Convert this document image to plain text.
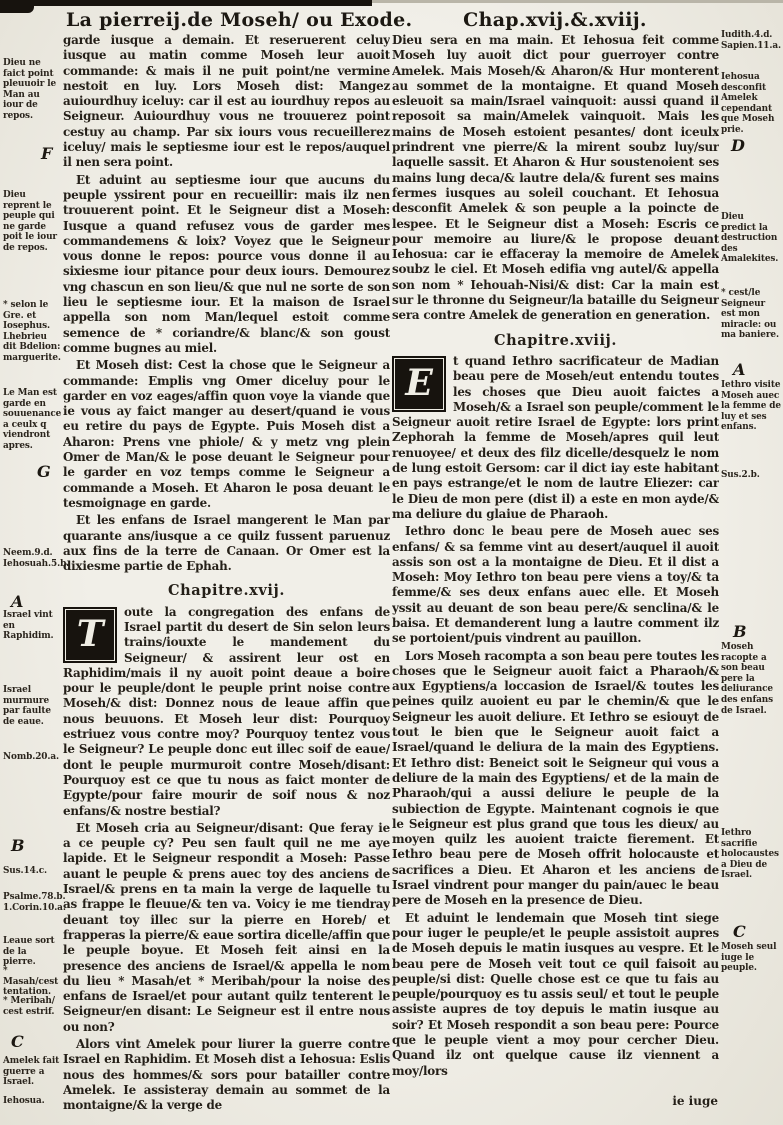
La pierre ij. de Moseh/ ou Exode.	Chap.xvij.&.xviij.
Dieu ne faict point pleuuoir le Man au iour de repos.
F
Dieu reprent le peuple qui ne garde poit le iour de repos.
* selon le Gre. et Iosephus. Lhebrieu dit Bdelion: marguerite.
Le Man est garde en souuenance a ceulx q viendront apres.
G
Neem.9.d. Iehosuah.5.b.
A
Israel vint en Raphidim.
Israel murmure par faulte de eaue.
Nomb.20.a.
B
Sus.14.c.
Psalme.78.b. 1.Corin.10.a.
Leaue sort de la pierre.
* Masah/cest tentation.
* Meribah/ cest estrif.
C
Amelek fait guerre a Israel.
Iehosua.

garde iusque a demain. Et reseruerent celuy iusque au matin comme Moseh leur auoit commande: & mais il ne puit point/ne vermine nestoit en luy. Lors Moseh dist: Mangez auiourdhuy iceluy: car il est au iourdhuy repos au Seigneur. Auiourdhuy vous ne trouuerez point cestuy au champ. Par six iours vous recueillerez iceluy/ mais le septiesme iour est le repos/auquel il nen sera point.

Et aduint au septiesme iour que aucuns du peuple yssirent pour en recueillir: mais ilz nen trouuerent point. Et le Seigneur dist a Moseh: Iusque a quand refusez vous de garder mes commandemens & loix? Voyez que le Seigneur vous donne le repos: pource vous donne il au sixiesme iour pitance pour deux iours. Demourez vng chascun en son lieu/& que nul ne sorte de son lieu le septiesme iour. Et la maison de Israel appella son nom Man/lequel estoit comme semence de * coriandre/& blanc/& son goust comme bugnes au miel.

Et Moseh dist: Cest la chose que le Seigneur a commande: Emplis vng Omer diceluy pour le garder en voz eages/affin quon voye la viande que ie vous ay faict manger au desert/quand ie vous eu retire du pays de Egypte. Puis Moseh dist a Aharon: Prens vne phiole/ & y metz vng plein Omer de Man/& le pose deuant le Seigneur pour le garder en voz temps comme le Seigneur a commande a Moseh. Et Aharon le posa deuant le tesmoignage en garde.

Et les enfans de Israel mangerent le Man par quarante ans/iusque a ce quilz fussent paruenuz aux fins de la terre de Canaan. Or Omer est la dixiesme partie de Ephah.

Chapitre.xvij.

T
oute la congregation des enfans de Israel partit du desert de Sin selon leurs trains/iouxte le mandement du Seigneur/ & assirent leur ost en Raphidim/mais il ny auoit point deaue a boire pour le peuple/dont le peuple print noise contre Moseh/& dist: Donnez nous de leaue affin que nous beuuons. Et Moseh leur dist: Pourquoy estriuez vous contre moy? Pourquoy tentez vous le Seigneur? Le peuple donc eut illec soif de eaue/ dont le peuple murmuroit contre Moseh/disant: Pourquoy est ce que tu nous as faict monter de Egypte/pour faire mourir de soif nous & noz enfans/& nostre bestial?

Et Moseh cria au Seigneur/disant: Que feray ie a ce peuple cy? Peu sen fault quil ne me aye lapide. Et le Seigneur respondit a Moseh: Passe auant le peuple & prens auec toy des anciens de Israel/& prens en ta main la verge de laquelle tu as frappe le fleuue/& ten va. Voicy ie me tiendray deuant toy illec sur la pierre en Horeb/ et frapperas la pierre/& eaue sortira dicelle/affin que le peuple boyue. Et Moseh feit ainsi en la presence des anciens de Israel/& appella le nom du lieu * Masah/et * Meribah/pour la noise des enfans de Israel/et pour autant quilz tenterent le Seigneur/en disant: Le Seigneur est il entre nous ou non?

Alors vint Amelek pour liurer la guerre contre Israel en Raphidim. Et Moseh dist a Iehosua: Eslis nous des hommes/& sors pour batailler contre Amelek. Ie assisteray demain au sommet de la montaigne/& la verge de

Dieu sera en ma main. Et Iehosua feit comme Moseh luy auoit dict pour guerroyer contre Amelek. Mais Moseh/& Aharon/& Hur monterent au sommet de la montaigne. Et quand Moseh esleuoit sa main/Israel vainquoit: aussi quand il reposoit sa main/Amelek vainquoit. Mais les mains de Moseh estoient pesantes/ dont iceulx prindrent vne pierre/& la mirent soubz luy/sur laquelle sassit. Et Aharon & Hur soustenoient ses mains lung deca/& lautre dela/& furent ses mains fermes iusques au soleil couchant. Et Iehosua desconfit Amelek & son peuple a la poincte de lespee. Et le Seigneur dist a Moseh: Escris ce pour memoire au liure/& le propose deuant Iehosua: car ie effaceray la memoire de Amelek soubz le ciel. Et Moseh edifia vng autel/& appella son nom * Iehouah-Nisi/& dist: Car la main est sur le thronne du Seigneur/la bataille du Seigneur sera contre Amelek de generation en generation.

Chapitre.xviij.

E
t quand Iethro sacrificateur de Madian beau pere de Moseh/eut entendu toutes les choses que Dieu auoit faictes a Moseh/& a Israel son peuple/comment le Seigneur auoit retire Israel de Egypte: lors print Zephorah la femme de Moseh/apres quil leut renuoyee/ et deux des filz dicelle/desquelz le nom de lung estoit Gersom: car il dict iay este habitant en pays estrange/et le nom de lautre Eliezer: car le Dieu de mon pere (dist il) a este en mon ayde/& ma deliure du glaiue de Pharaoh.

Iethro donc le beau pere de Moseh auec ses enfans/ & sa femme vint au desert/auquel il auoit assis son ost a la montaigne de Dieu. Et il dist a Moseh: Moy Iethro ton beau pere viens a toy/& ta femme/& ses deux enfans auec elle. Et Moseh yssit au deuant de son beau pere/& senclina/& le baisa. Et demanderent lung a lautre comment ilz se portoient/puis vindrent au pauillon.

Lors Moseh racompta a son beau pere toutes les choses que le Seigneur auoit faict a Pharaoh/& aux Egyptiens/a loccasion de Israel/& toutes les peines quilz auoient eu par le chemin/& que le Seigneur les auoit deliure. Et Iethro se esiouyt de tout le bien que le Seigneur auoit faict a Israel/quand le deliura de la main des Egyptiens. Et Iethro dist: Beneict soit le Seigneur qui vous a deliure de la main des Egyptiens/ et de la main de Pharaoh/qui a aussi deliure le peuple de la subiection de Egypte. Maintenant cognois ie que le Seigneur est plus grand que tous les dieux/ au moyen quilz les auoient traicte fierement. Et Iethro beau pere de Moseh offrit holocauste et sacrifices a Dieu. Et Aharon et les anciens de Israel vindrent pour manger du pain/auec le beau pere de Moseh en la presence de Dieu.

Et aduint le lendemain que Moseh tint siege pour iuger le peuple/et le peuple assistoit aupres de Moseh depuis le matin iusques au vespre. Et le beau pere de Moseh veit tout ce quil faisoit au peuple/si dist: Quelle chose est ce que tu fais au peuple/pourquoy es tu assis seul/ et tout le peuple assiste aupres de toy depuis le matin iusque au soir? Et Moseh respondit a son beau pere: Pource que le peuple vient a moy pour cercher Dieu. Quand ilz ont quelque cause ilz viennent a moy/lors

ie iuge
Iudith.4.d. Sapien.11.a.
Iehosua desconfit Amelek cependant que Moseh prie.
D
Dieu predict la destruction des Amalekites.
* cest/le Seigneur est mon miracle: ou ma baniere.
A
Iethro visite Moseh auec la femme de luy et ses enfans.
Sus.2.b.
B
Moseh racopte a son beau pere la deliurance des enfans de Israel.
Iethro sacrifie holocaustes a Dieu de Israel.
C
Moseh seul iuge le peuple.
